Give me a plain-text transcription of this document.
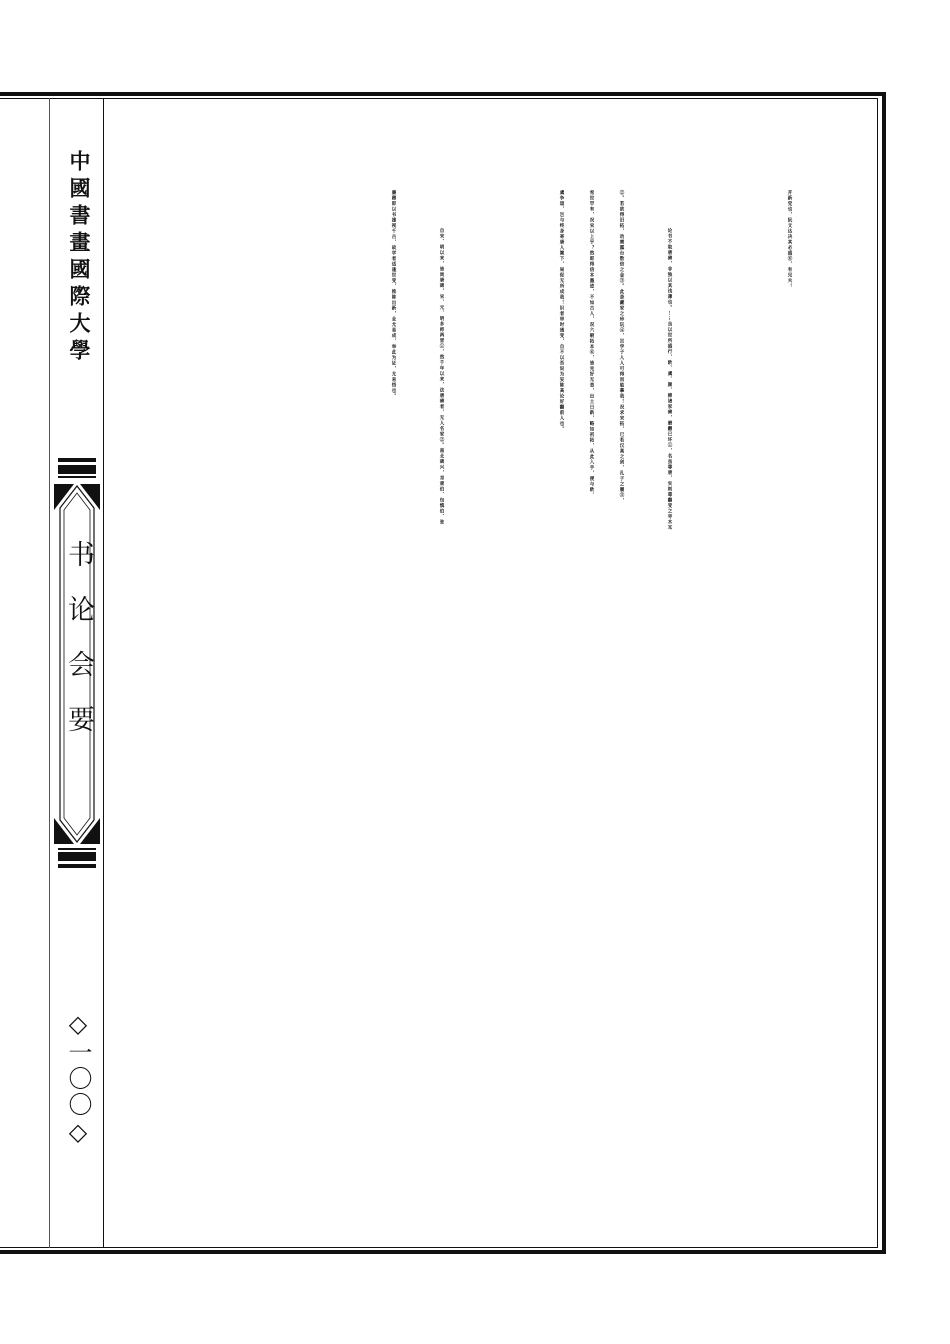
中國書畫國際大學
书论会要
◇一〇〇◇
开新党也，阮文达决其必盛⑥，有见夫！
论书不取唐碑，非独以其浅薄也。……良以世所盛行，欧、虞、颜、柳诸家碑，磨翻已坏①，名虽尊唐，实则尊翻变之枣木耳
②。若欲得旧拓，动需露台数倍之金③。此是藏家之珍玩④，岂学子人人可得而临摹哉！况求宋拓，已若汉高之剑，孔子之履⑤，
希世罕有，况宋以上乎？然即得信本墨迹，不如古人，况六朝拓本⑥，皆完好无恙，出土日新，略如初拓，从此入手，便与欧、
虞争道，岂与终身寄唐人篱下，局促无所成哉！识者审时通变，自不以吾说为妄陈高论好翻前人也。
自宋、明以来，皆尚唐碑，宋、元、明多师两晋①，然千年以来，法唐碑者，无人名家②。南北碑兴，邓顽伯、包慎伯、张
廉卿即以书雄视千古，故学者适逢世变，推陈出新，业尤易成，举此为证，尤易悟也。
